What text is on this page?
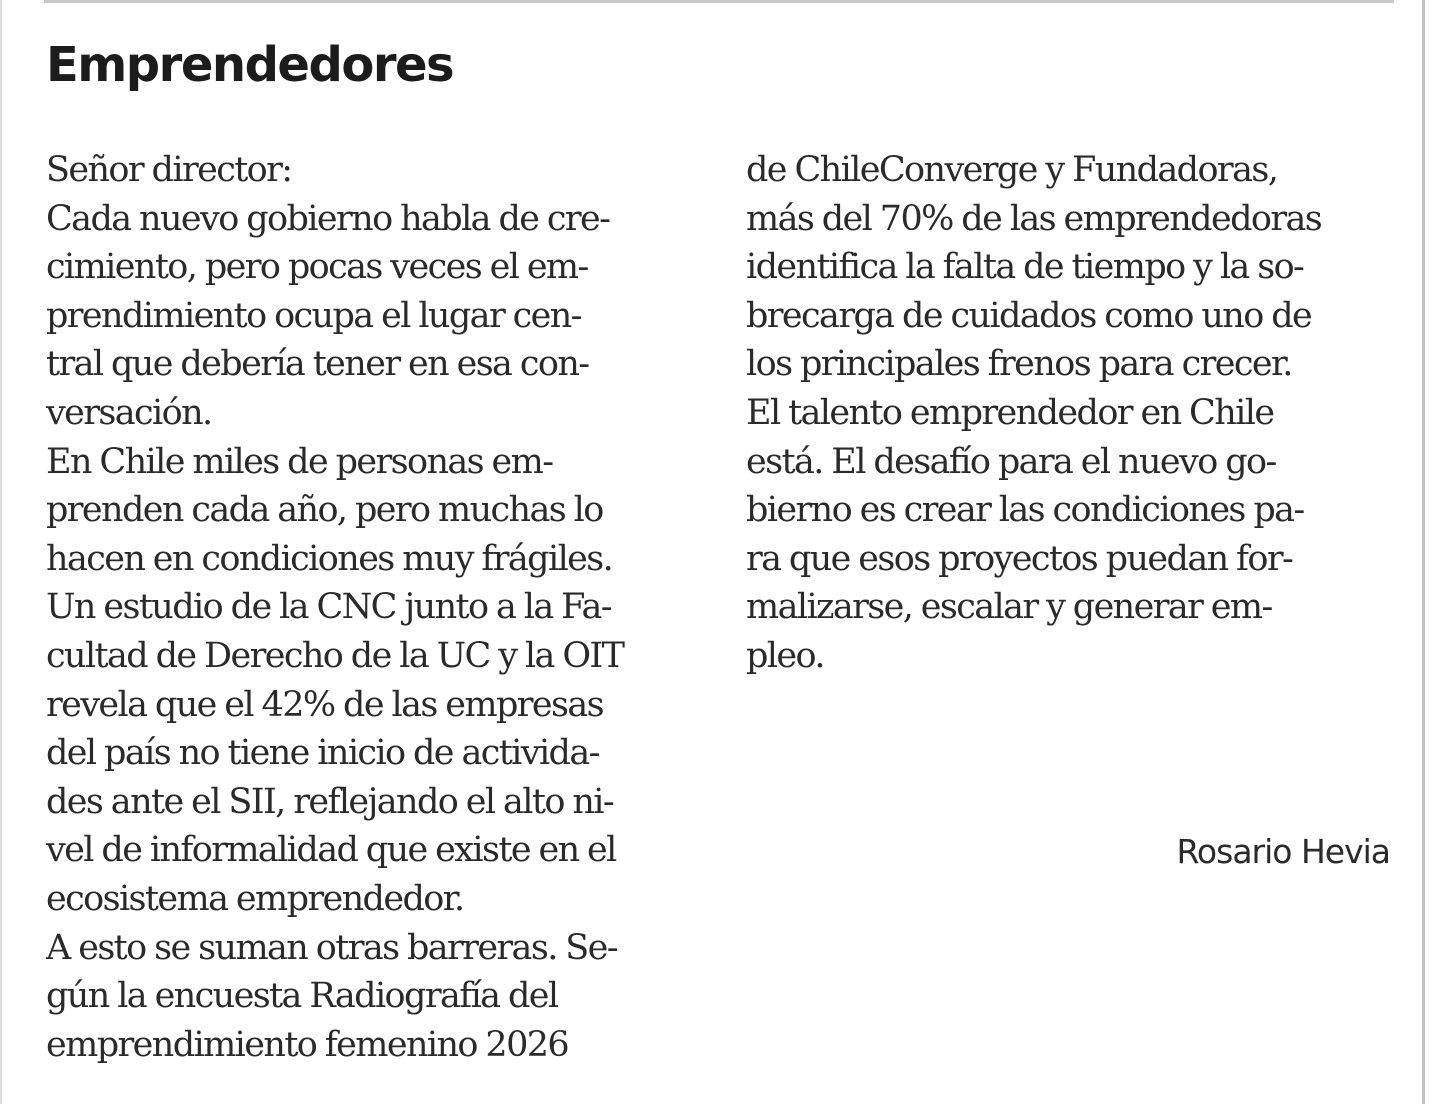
Emprendedores
Señor director:
Cada nuevo gobierno habla de cre-
cimiento, pero pocas veces el em-
prendimiento ocupa el lugar cen-
tral que debería tener en esa con-
versación.
En Chile miles de personas em-
prenden cada año, pero muchas lo
hacen en condiciones muy frágiles.
Un estudio de la CNC junto a la Fa-
cultad de Derecho de la UC y la OIT
revela que el 42% de las empresas
del país no tiene inicio de activida-
des ante el SII, reflejando el alto ni-
vel de informalidad que existe en el
ecosistema emprendedor.
A esto se suman otras barreras. Se-
gún la encuesta Radiografía del
emprendimiento femenino 2026
de ChileConverge y Fundadoras,
más del 70% de las emprendedoras
identifica la falta de tiempo y la so-
brecarga de cuidados como uno de
los principales frenos para crecer.
El talento emprendedor en Chile
está. El desafío para el nuevo go-
bierno es crear las condiciones pa-
ra que esos proyectos puedan for-
malizarse, escalar y generar em-
pleo.
Rosario Hevia
